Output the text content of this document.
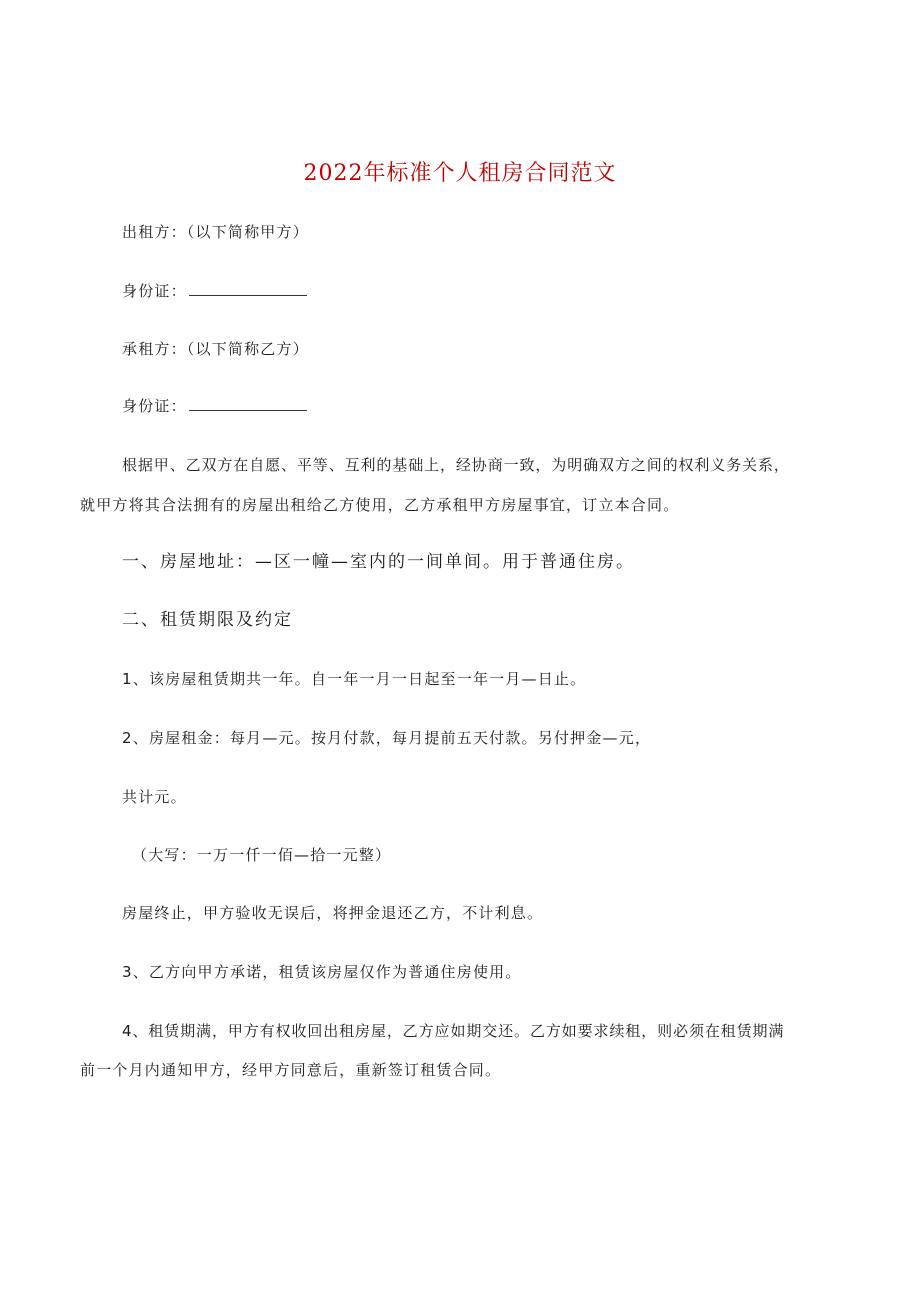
2022年标准个人租房合同范文
出租方：（以下简称甲方）
身份证：
承租方：（以下简称乙方）
身份证：
根据甲、乙双方在自愿、平等、互利的基础上，经协商一致，为明确双方之间的权利义务关系，
就甲方将其合法拥有的房屋出租给乙方使用，乙方承租甲方房屋事宜，订立本合同。
一、房屋地址：—区一幢—室内的一间单间。用于普通住房。
二、租赁期限及约定
1、该房屋租赁期共一年。自一年一月一日起至一年一月—日止。
2、房屋租金：每月—元。按月付款，每月提前五天付款。另付押金—元，
共计元。
（大写：一万一仟一佰—拾一元整）
房屋终止，甲方验收无误后，将押金退还乙方，不计利息。
3、乙方向甲方承诺，租赁该房屋仅作为普通住房使用。
4、租赁期满，甲方有权收回出租房屋，乙方应如期交还。乙方如要求续租，则必须在租赁期满
前一个月内通知甲方，经甲方同意后，重新签订租赁合同。
